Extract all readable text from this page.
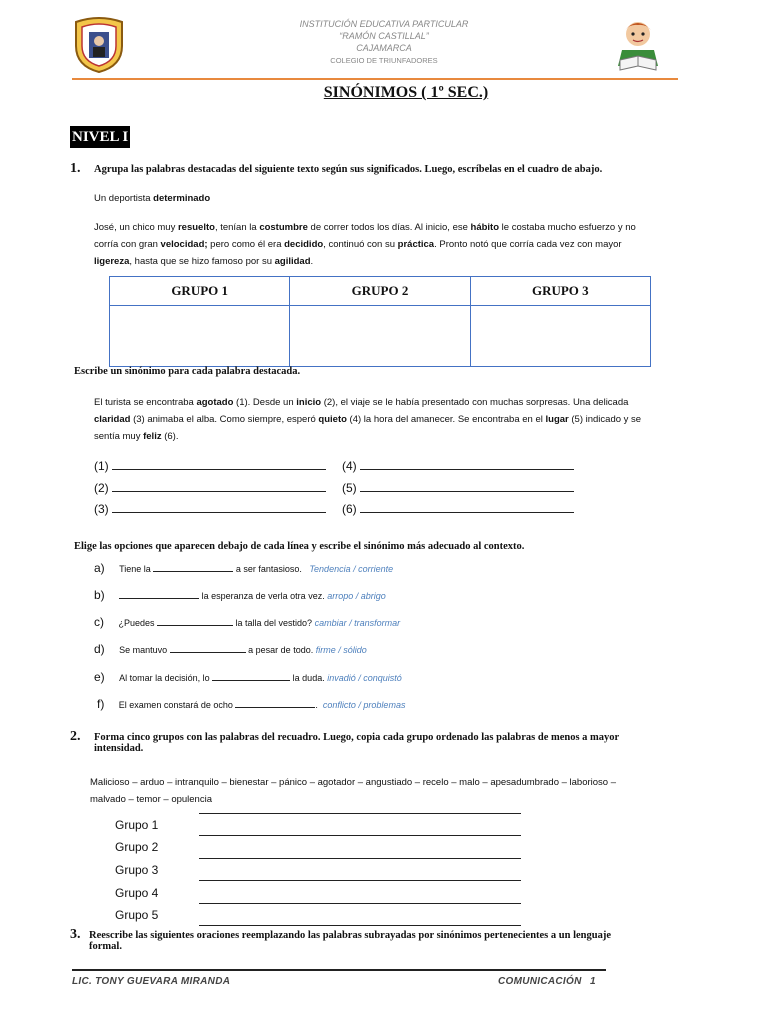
INSTITUCIÓN EDUCATIVA PARTICULAR
“RAMÓN CASTILLAL”
CAJAMARCA
COLEGIO DE TRIUNFADORES
SINÓNIMOS ( 1º SEC.)
NIVEL I
1. Agrupa las palabras destacadas del siguiente texto según sus significados. Luego, escríbelas en el cuadro de abajo.
Un deportista determinado
José, un chico muy resuelto, tenían la costumbre de correr todos los días. Al inicio, ese hábito le costaba mucho esfuerzo y no
corría con gran velocidad; pero como él era decidido, continuó con su práctica. Pronto notó que corría cada vez con mayor
ligereza, hasta que se hizo famoso por su agilidad.
GRUPO 1	GRUPO 2	GRUPO 3

Escribe un sinónimo para cada palabra destacada.
El turista se encontraba agotado (1). Desde un inicio (2), el viaje se le había presentado con muchas sorpresas. Una delicada
claridad (3) animaba el alba. Como siempre, esperó quieto (4) la hora del amanecer. Se encontraba en el lugar (5) indicado y se
sentía muy feliz (6).
(1)	(4)
(2)	(5)
(3)	(6)
Elige las opciones que aparecen debajo de cada línea y escribe el sinónimo más adecuado al contexto.
a) Tiene la	a ser fantasioso. Tendencia / corriente
b)	la esperanza de verla otra vez. arropo / abrigo
c) ¿Puedes	la talla del vestido? cambiar / transformar
d) Se mantuvo	a pesar de todo. firme / sólido
e) Al tomar la decisión, lo	la duda. invadió / conquistó
f) El examen constará de ocho	. conflicto / problemas
2. Forma cinco grupos con las palabras del recuadro. Luego, copia cada grupo ordenado las palabras de menos a mayor
intensidad.
Malicioso – arduo – intranquilo – bienestar – pánico – agotador – angustiado – recelo – malo – apesadumbrado – laborioso –
malvado – temor – opulencia
Grupo 1
Grupo 2
Grupo 3
Grupo 4
Grupo 5
3. Reescribe las siguientes oraciones reemplazando las palabras subrayadas por sinónimos pertenecientes a un lenguaje
formal.
LIC. TONY GUEVARA MIRANDA	COMUNICACIÓN 1
